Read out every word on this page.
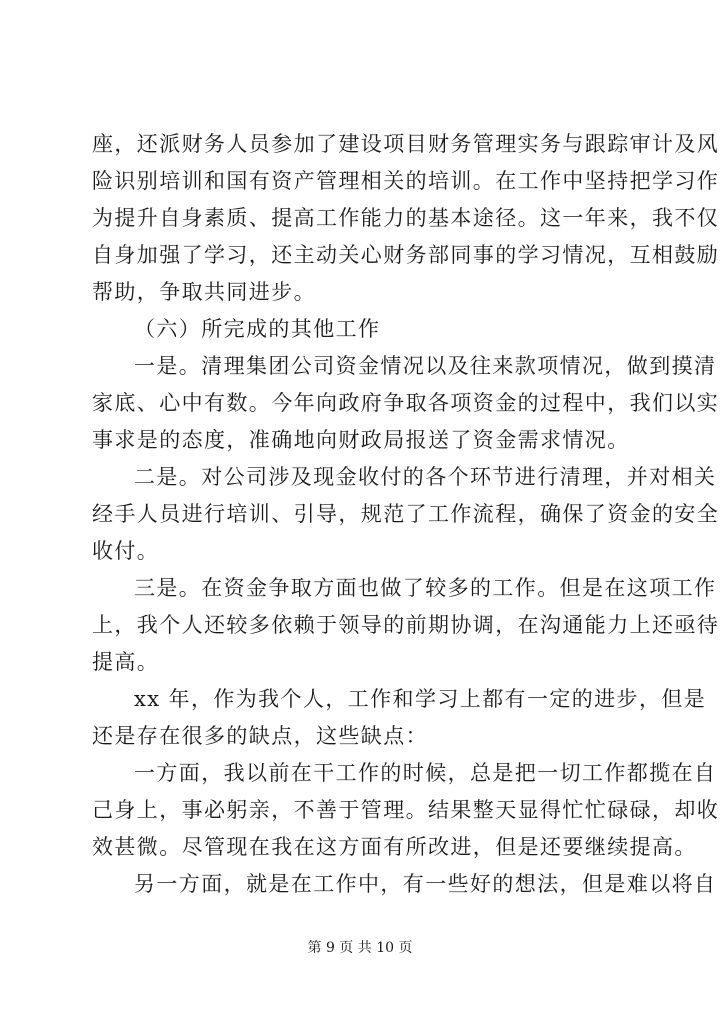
座，还派财务人员参加了建设项目财务管理实务与跟踪审计及风
险识别培训和国有资产管理相关的培训。在工作中坚持把学习作
为提升自身素质、提高工作能力的基本途径。这一年来，我不仅
自身加强了学习，还主动关心财务部同事的学习情况，互相鼓励
帮助，争取共同进步。
（六）所完成的其他工作
一是。清理集团公司资金情况以及往来款项情况，做到摸清
家底、心中有数。今年向政府争取各项资金的过程中，我们以实
事求是的态度，准确地向财政局报送了资金需求情况。
二是。对公司涉及现金收付的各个环节进行清理，并对相关
经手人员进行培训、引导，规范了工作流程，确保了资金的安全
收付。
三是。在资金争取方面也做了较多的工作。但是在这项工作
上，我个人还较多依赖于领导的前期协调，在沟通能力上还亟待
提高。
xx 年，作为我个人，工作和学习上都有一定的进步，但是
还是存在很多的缺点，这些缺点：
一方面，我以前在干工作的时候，总是把一切工作都揽在自
己身上，事必躬亲，不善于管理。结果整天显得忙忙碌碌，却收
效甚微。尽管现在我在这方面有所改进，但是还要继续提高。
另一方面，就是在工作中，有一些好的想法，但是难以将自
第 9 页 共 10 页
